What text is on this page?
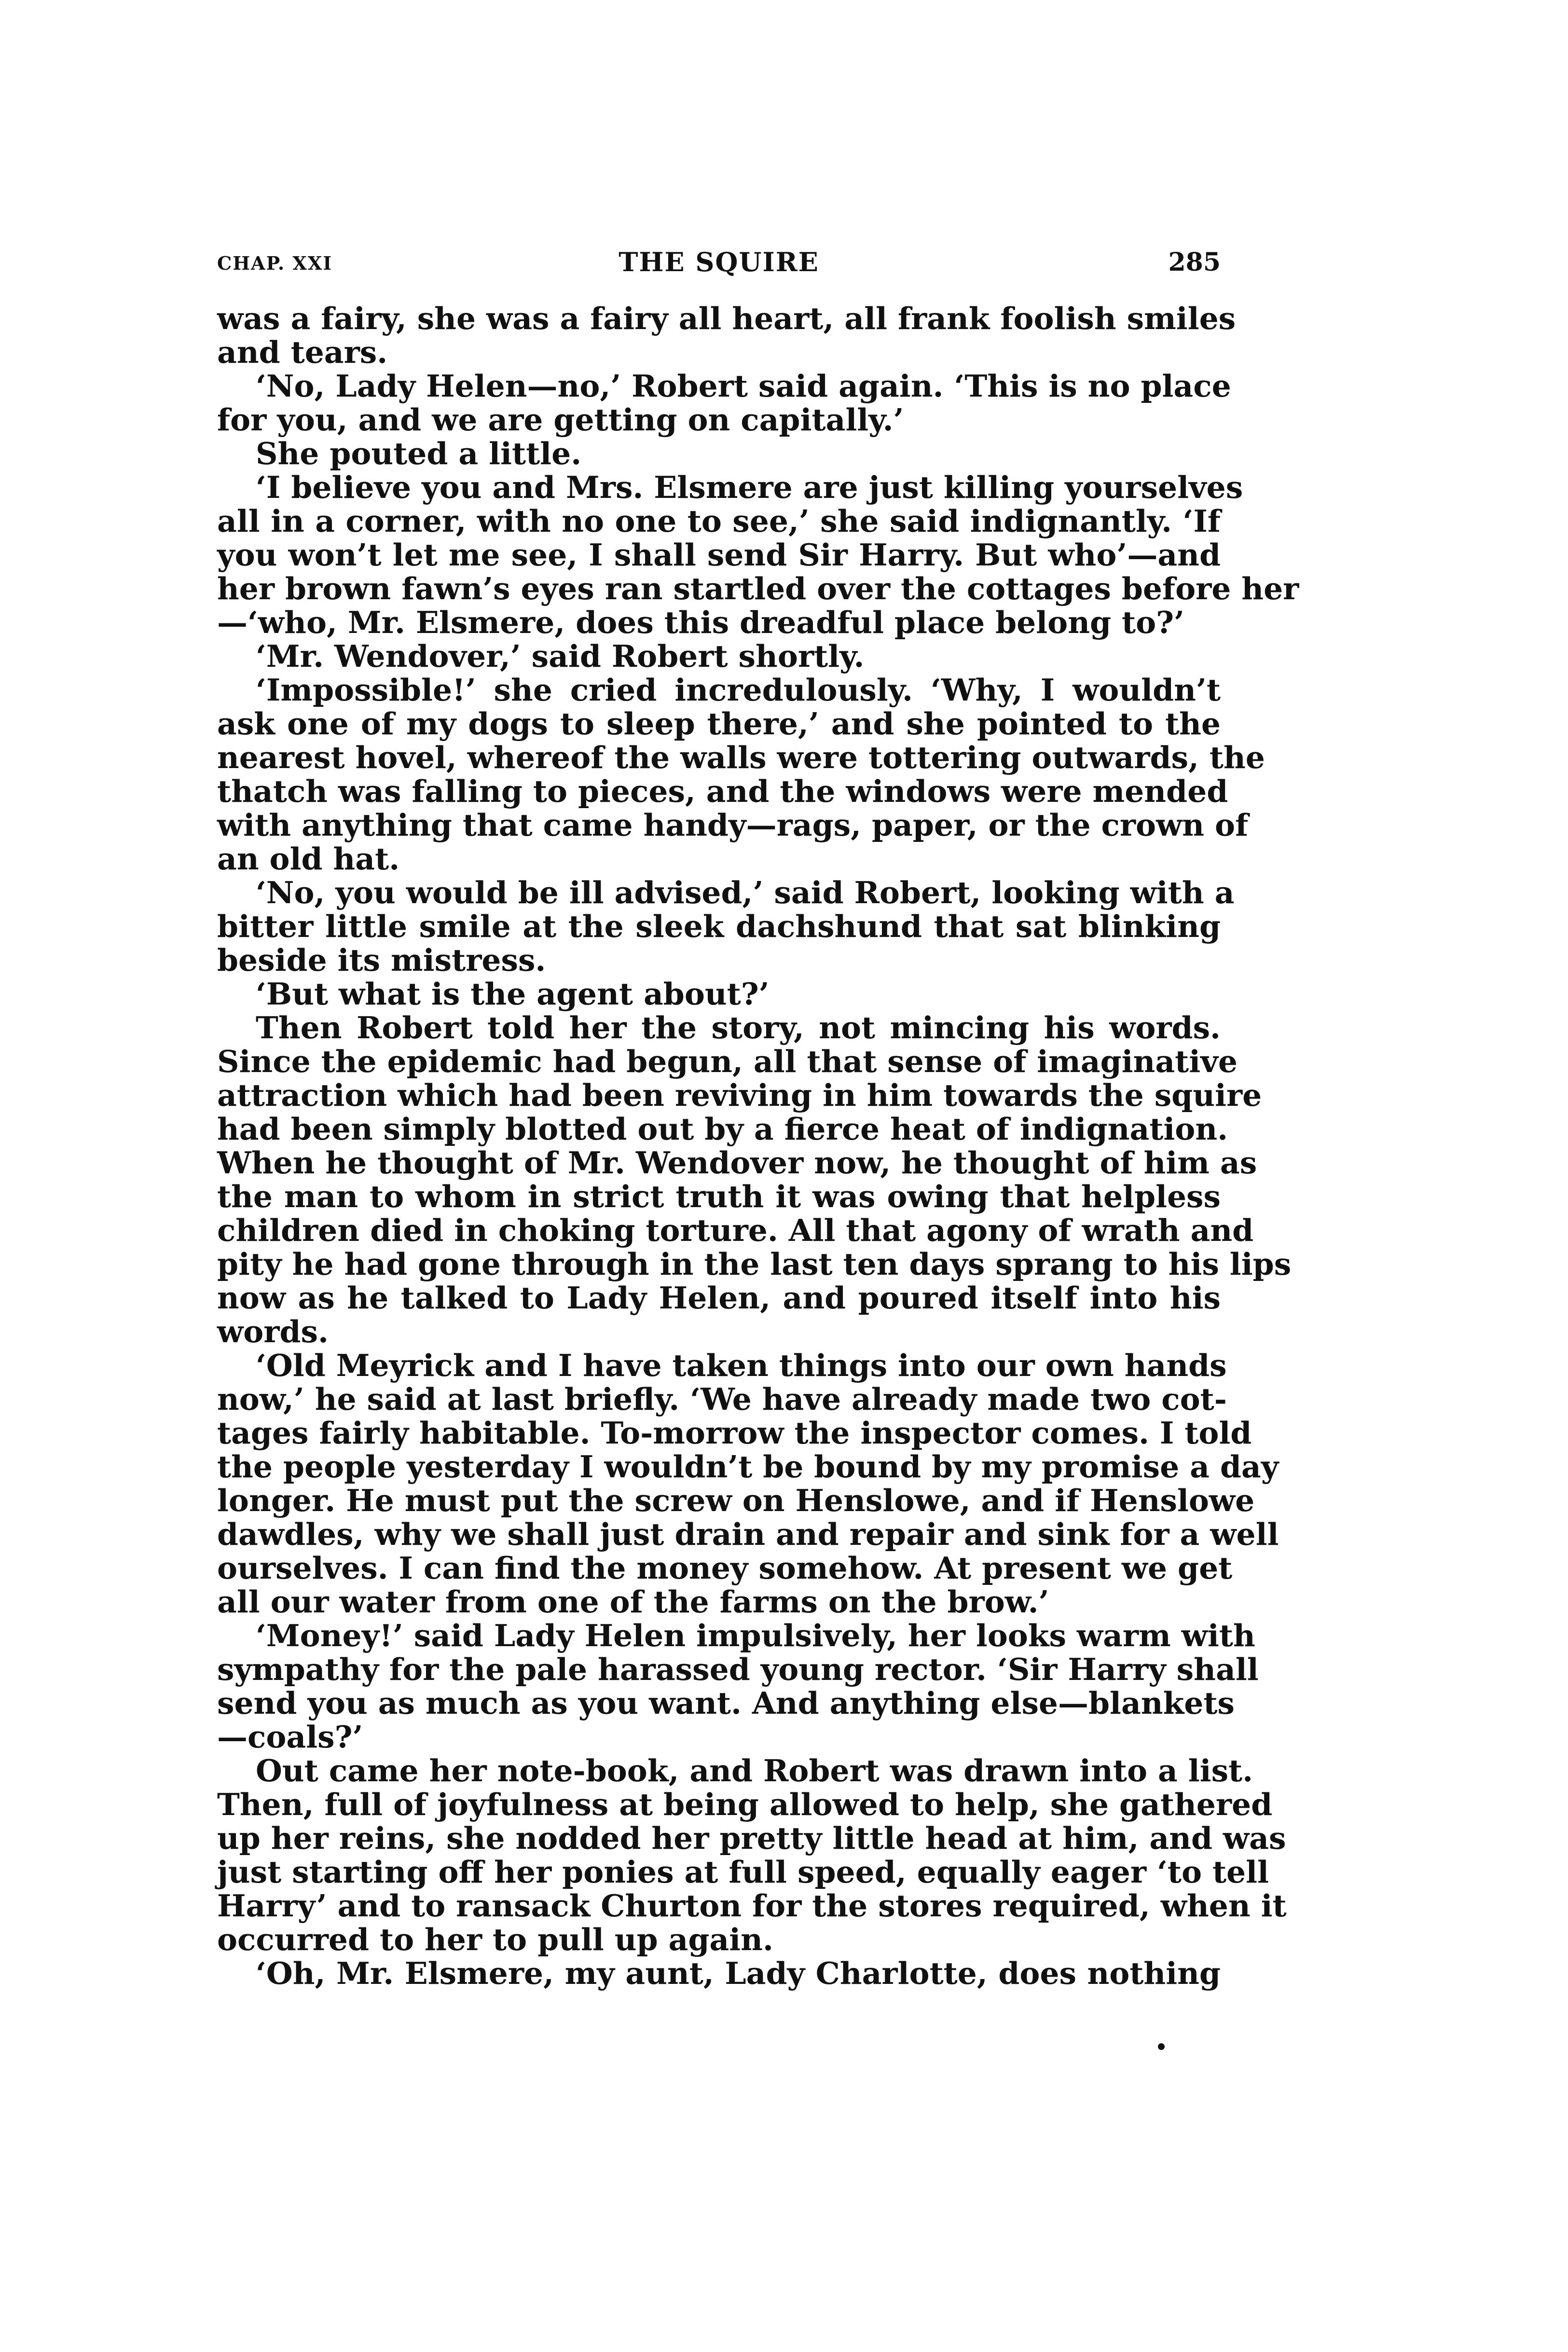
CHAP. XXI	THE SQUIRE	285
was a fairy, she was a fairy all heart, all frank foolish smiles
and tears.
‘No, Lady Helen—no,’ Robert said again. ‘This is no place
for you, and we are getting on capitally.’
She pouted a little.
‘I believe you and Mrs. Elsmere are just killing yourselves
all in a corner, with no one to see,’ she said indignantly. ‘If
you won’t let me see, I shall send Sir Harry. But who’—and
her brown fawn’s eyes ran startled over the cottages before her
—‘who, Mr. Elsmere, does this dreadful place belong to?’
‘Mr. Wendover,’ said Robert shortly.
‘Impossible!’ she cried incredulously. ‘Why, I wouldn’t
ask one of my dogs to sleep there,’ and she pointed to the
nearest hovel, whereof the walls were tottering outwards, the
thatch was falling to pieces, and the windows were mended
with anything that came handy—rags, paper, or the crown of
an old hat.
‘No, you would be ill advised,’ said Robert, looking with a
bitter little smile at the sleek dachshund that sat blinking
beside its mistress.
‘But what is the agent about?’
Then Robert told her the story, not mincing his words.
Since the epidemic had begun, all that sense of imaginative
attraction which had been reviving in him towards the squire
had been simply blotted out by a fierce heat of indignation.
When he thought of Mr. Wendover now, he thought of him as
the man to whom in strict truth it was owing that helpless
children died in choking torture. All that agony of wrath and
pity he had gone through in the last ten days sprang to his lips
now as he talked to Lady Helen, and poured itself into his
words.
‘Old Meyrick and I have taken things into our own hands
now,’ he said at last briefly. ‘We have already made two cot-
tages fairly habitable. To-morrow the inspector comes. I told
the people yesterday I wouldn’t be bound by my promise a day
longer. He must put the screw on Henslowe, and if Henslowe
dawdles, why we shall just drain and repair and sink for a well
ourselves. I can find the money somehow. At present we get
all our water from one of the farms on the brow.’
‘Money!’ said Lady Helen impulsively, her looks warm with
sympathy for the pale harassed young rector. ‘Sir Harry shall
send you as much as you want. And anything else—blankets
—coals?’
Out came her note-book, and Robert was drawn into a list.
Then, full of joyfulness at being allowed to help, she gathered
up her reins, she nodded her pretty little head at him, and was
just starting off her ponies at full speed, equally eager ‘to tell
Harry’ and to ransack Churton for the stores required, when it
occurred to her to pull up again.
‘Oh, Mr. Elsmere, my aunt, Lady Charlotte, does nothing
